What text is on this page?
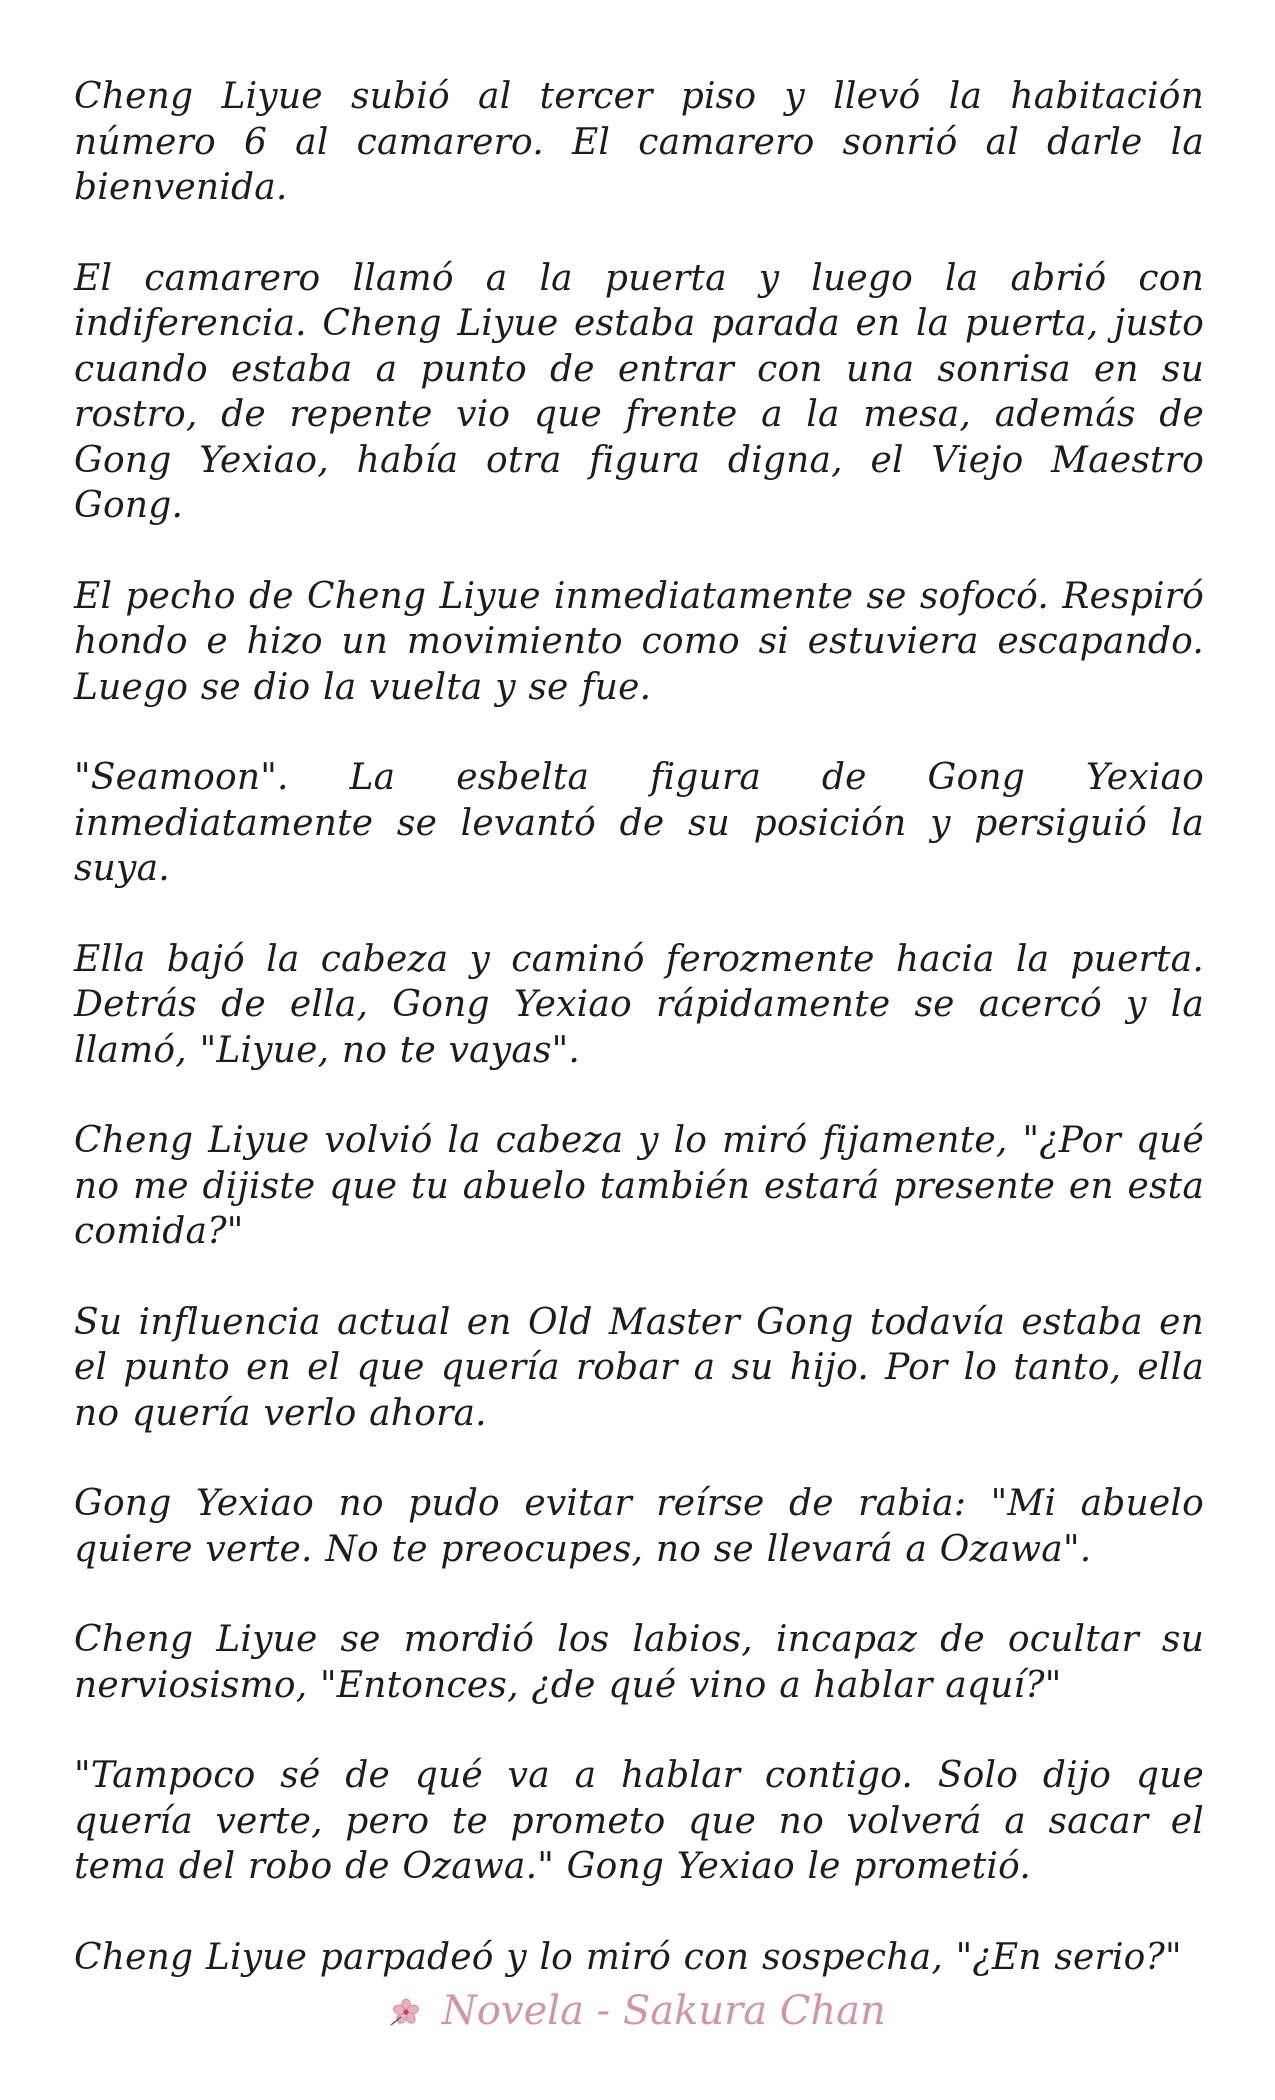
Cheng Liyue subió al tercer piso y llevó la habitación número 6 al camarero. El camarero sonrió al darle la bienvenida.

El camarero llamó a la puerta y luego la abrió con indiferencia. Cheng Liyue estaba parada en la puerta, justo cuando estaba a punto de entrar con una sonrisa en su rostro, de repente vio que frente a la mesa, además de Gong Yexiao, había otra figura digna, el Viejo Maestro Gong.

El pecho de Cheng Liyue inmediatamente se sofocó. Respiró hondo e hizo un movimiento como si estuviera escapando. Luego se dio la vuelta y se fue.

"Seamoon". La esbelta figura de Gong Yexiao inmediatamente se levantó de su posición y persiguió la suya.

Ella bajó la cabeza y caminó ferozmente hacia la puerta. Detrás de ella, Gong Yexiao rápidamente se acercó y la llamó, "Liyue, no te vayas".

Cheng Liyue volvió la cabeza y lo miró fijamente, "¿Por qué no me dijiste que tu abuelo también estará presente en esta comida?"

Su influencia actual en Old Master Gong todavía estaba en el punto en el que quería robar a su hijo. Por lo tanto, ella no quería verlo ahora.

Gong Yexiao no pudo evitar reírse de rabia: "Mi abuelo quiere verte. No te preocupes, no se llevará a Ozawa".

Cheng Liyue se mordió los labios, incapaz de ocultar su nerviosismo, "Entonces, ¿de qué vino a hablar aquí?"

"Tampoco sé de qué va a hablar contigo. Solo dijo que quería verte, pero te prometo que no volverá a sacar el tema del robo de Ozawa." Gong Yexiao le prometió.

Cheng Liyue parpadeó y lo miró con sospecha, "¿En serio?"

Novela - Sakura Chan
